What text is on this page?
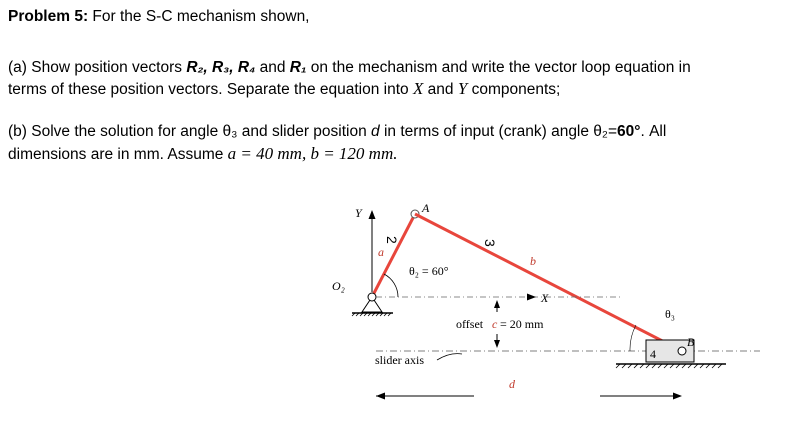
Problem 5: For the S-C mechanism shown,
(a) Show position vectors R₂, R₃, R₄ and R₁ on the mechanism and write the vector loop equation in
terms of these position vectors. Separate the equation into X and Y components;
(b) Solve the solution for angle θ₃ and slider position d in terms of input (crank) angle θ₂=60°. All
dimensions are in mm. Assume a = 40 mm, b = 120 mm.
Y	A
2
a
3
b
θ₂ = 60°
O₂
X
offset c = 20 mm
slider axis
θ₃
4
B
d
